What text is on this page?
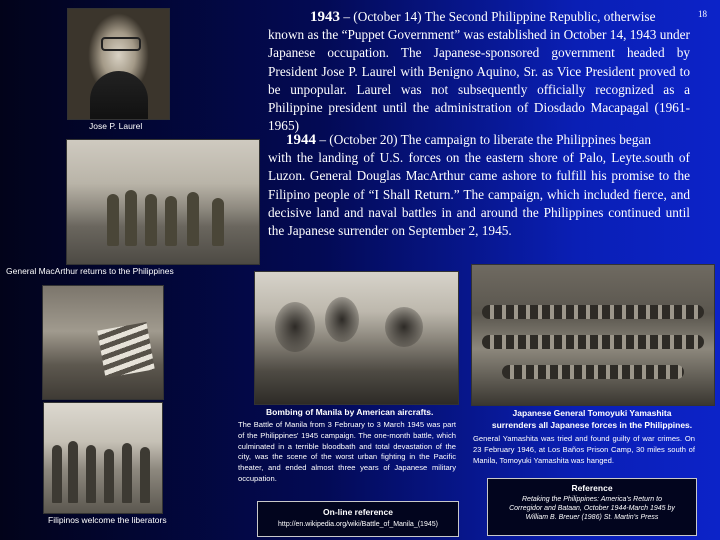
18
Jose P. Laurel
1943 – (October 14) The Second Philippine Republic, otherwise
known as the “Puppet Government” was established in October 14, 1943 under Japanese occupation. The Japanese-sponsored government headed by President Jose P. Laurel with Benigno Aquino, Sr. as Vice President proved to be unpopular. Laurel was not subsequently officially recognized as a Philippine president until the administration of Diosdado Macapagal (1961-1965)
1944 – (October 20) The campaign to liberate the Philippines began
with the landing of U.S. forces on the eastern shore of Palo, Leyte.south of Luzon. General Douglas MacArthur came ashore to fulfill his promise to the Filipino people of “I Shall Return.” The campaign, which included fierce, and decisive land and naval battles in and around the Philippines continued until the Japanese surrender on September 2, 1945.
General MacArthur returns to the Philippines
Filipinos welcome the liberators
Bombing of Manila by American aircrafts.
The Battle of Manila from 3 February to 3 March 1945 was part of the Philippines' 1945 campaign. The one-month battle, which culminated in a terrible bloodbath and total devastation of the city, was the scene of the worst urban fighting in the Pacific theater, and ended almost three years of Japanese military occupation.
On-line reference
http://en.wikipedia.org/wiki/Battle_of_Manila_(1945)
Japanese General Tomoyuki Yamashita
surrenders all Japanese forces in the Philippines.
General Yamashita was tried and found guilty of war crimes. On 23 February 1946, at Los Baños Prison Camp, 30 miles south of Manila, Tomoyuki Yamashita was hanged.
Reference
Retaking the Philippines: America's Return to
Corregidor and Bataan, October 1944-March 1945 by
William B. Breuer (1986) St. Martin's Press
